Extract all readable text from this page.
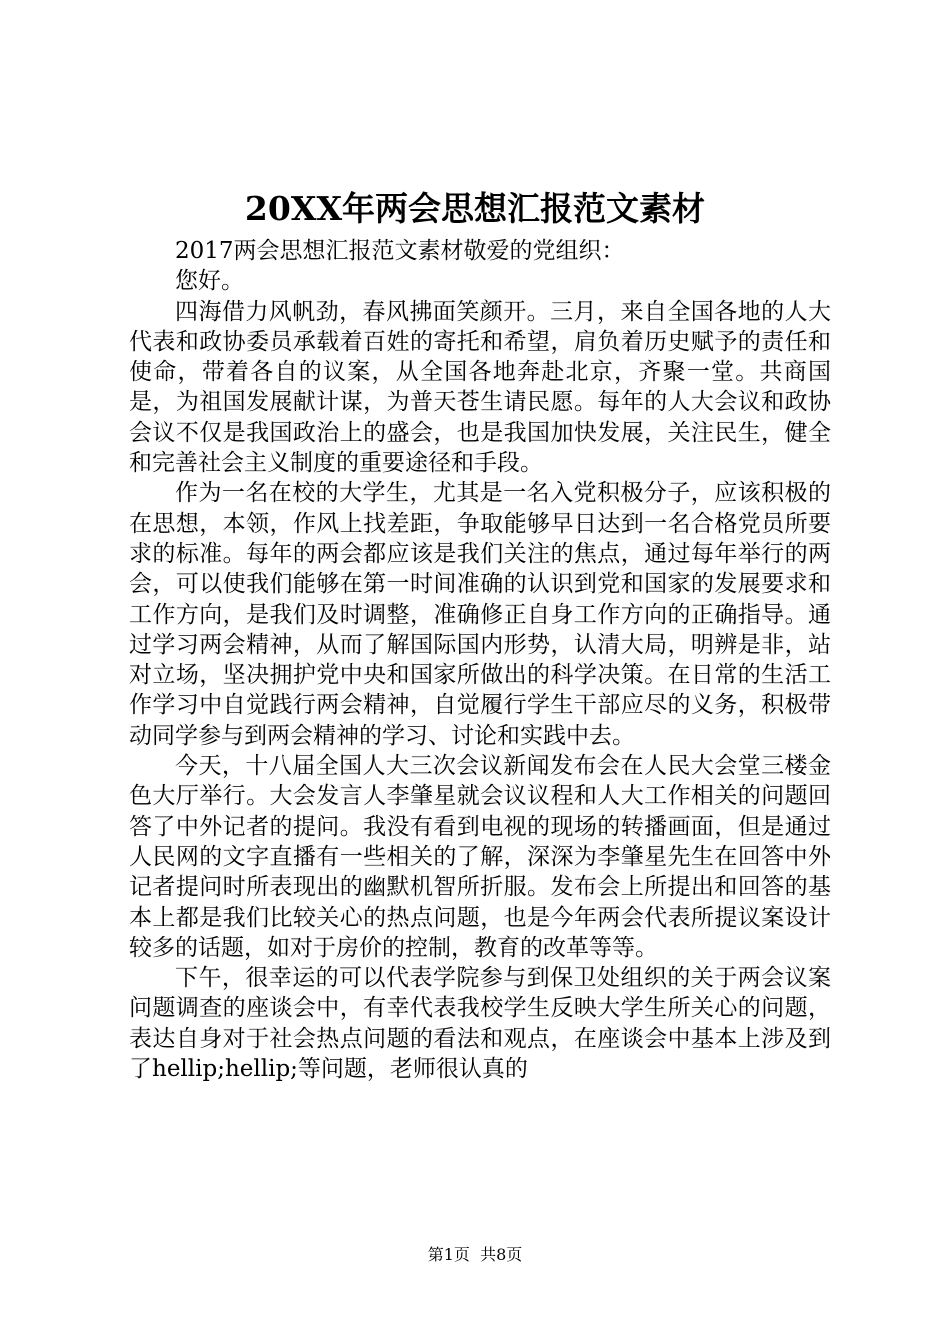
20XX年两会思想汇报范文素材

2017两会思想汇报范文素材敬爱的党组织：

您好。

四海借力风帆劲，春风拂面笑颜开。三月，来自全国各地的人大代表和政协委员承载着百姓的寄托和希望，肩负着历史赋予的责任和使命，带着各自的议案，从全国各地奔赴北京，齐聚一堂。共商国是，为祖国发展献计谋，为普天苍生请民愿。每年的人大会议和政协会议不仅是我国政治上的盛会，也是我国加快发展，关注民生，健全和完善社会主义制度的重要途径和手段。

作为一名在校的大学生，尤其是一名入党积极分子，应该积极的在思想，本领，作风上找差距，争取能够早日达到一名合格党员所要求的标准。每年的两会都应该是我们关注的焦点，通过每年举行的两会，可以使我们能够在第一时间准确的认识到党和国家的发展要求和工作方向，是我们及时调整，准确修正自身工作方向的正确指导。通过学习两会精神，从而了解国际国内形势，认清大局，明辨是非，站对立场，坚决拥护党中央和国家所做出的科学决策。在日常的生活工作学习中自觉践行两会精神，自觉履行学生干部应尽的义务，积极带动同学参与到两会精神的学习、讨论和实践中去。

今天，十八届全国人大三次会议新闻发布会在人民大会堂三楼金色大厅举行。大会发言人李肇星就会议议程和人大工作相关的问题回答了中外记者的提问。我没有看到电视的现场的转播画面，但是通过人民网的文字直播有一些相关的了解，深深为李肇星先生在回答中外记者提问时所表现出的幽默机智所折服。发布会上所提出和回答的基本上都是我们比较关心的热点问题，也是今年两会代表所提议案设计较多的话题，如对于房价的控制，教育的改革等等。

下午，很幸运的可以代表学院参与到保卫处组织的关于两会议案问题调查的座谈会中，有幸代表我校学生反映大学生所关心的问题，表达自身对于社会热点问题的看法和观点，在座谈会中基本上涉及到了hellip;hellip;等问题，老师很认真的

第1页  共8页
